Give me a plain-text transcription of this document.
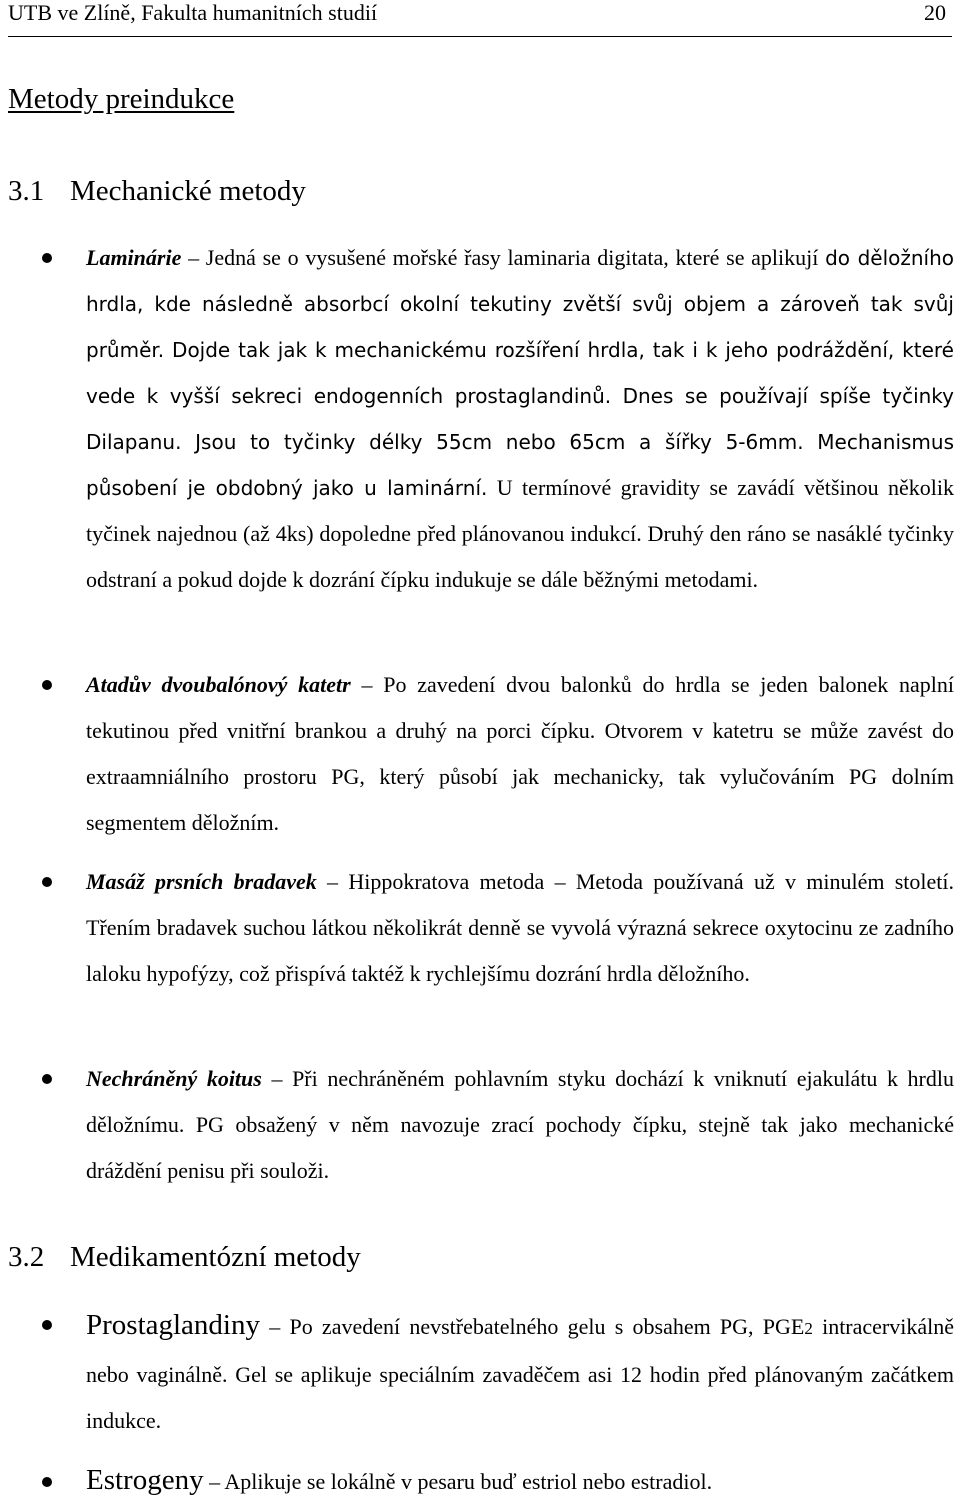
UTB ve Zlíně, Fakulta humanitních studií	20
Metody preindukce
3.1 Mechanické metody
Laminárie – Jedná se o vysušené mořské řasy laminaria digitata, které se aplikují do děložního hrdla, kde následně absorbcí okolní tekutiny zvětší svůj objem a zároveň tak svůj průměr. Dojde tak jak k mechanickému rozšíření hrdla, tak i k jeho podráždění, které vede k vyšší sekreci endogenních prostaglandinů. Dnes se používají spíše tyčinky Dilapanu. Jsou to tyčinky délky 55cm nebo 65cm a šířky 5-6mm. Mechanismus působení je obdobný jako u laminární. U termínové gravidity se zavádí většinou několik tyčinek najednou (až 4ks) dopoledne před plánovanou indukcí. Druhý den ráno se nasáklé tyčinky odstraní a pokud dojde k dozrání čípku indukuje se dále běžnými metodami.
Atadův dvoubalónový katetr – Po zavedení dvou balonků do hrdla se jeden balonek naplní tekutinou před vnitřní brankou a druhý na porci čípku. Otvorem v katetru se může zavést do extraamniálního prostoru PG, který působí jak mechanicky, tak vylučováním PG dolním segmentem děložním.
Masáž prsních bradavek – Hippokratova metoda – Metoda používaná už v minulém století. Třením bradavek suchou látkou několikrát denně se vyvolá výrazná sekrece oxytocinu ze zadního laloku hypofýzy, což přispívá taktéž k rychlejšímu dozrání hrdla děložního.
Nechráněný koitus – Při nechráněném pohlavním styku dochází k vniknutí ejakulátu k hrdlu děložnímu. PG obsažený v něm navozuje zrací pochody čípku, stejně tak jako mechanické dráždění penisu při souloži.
3.2 Medikamentózní metody
Prostaglandiny – Po zavedení nevstřebatelného gelu s obsahem PG, PGE2 intracervikálně nebo vaginálně. Gel se aplikuje speciálním zavaděčem asi 12 hodin před plánovaným začátkem indukce.
Estrogeny – Aplikuje se lokálně v pesaru buď estriol nebo estradiol.
